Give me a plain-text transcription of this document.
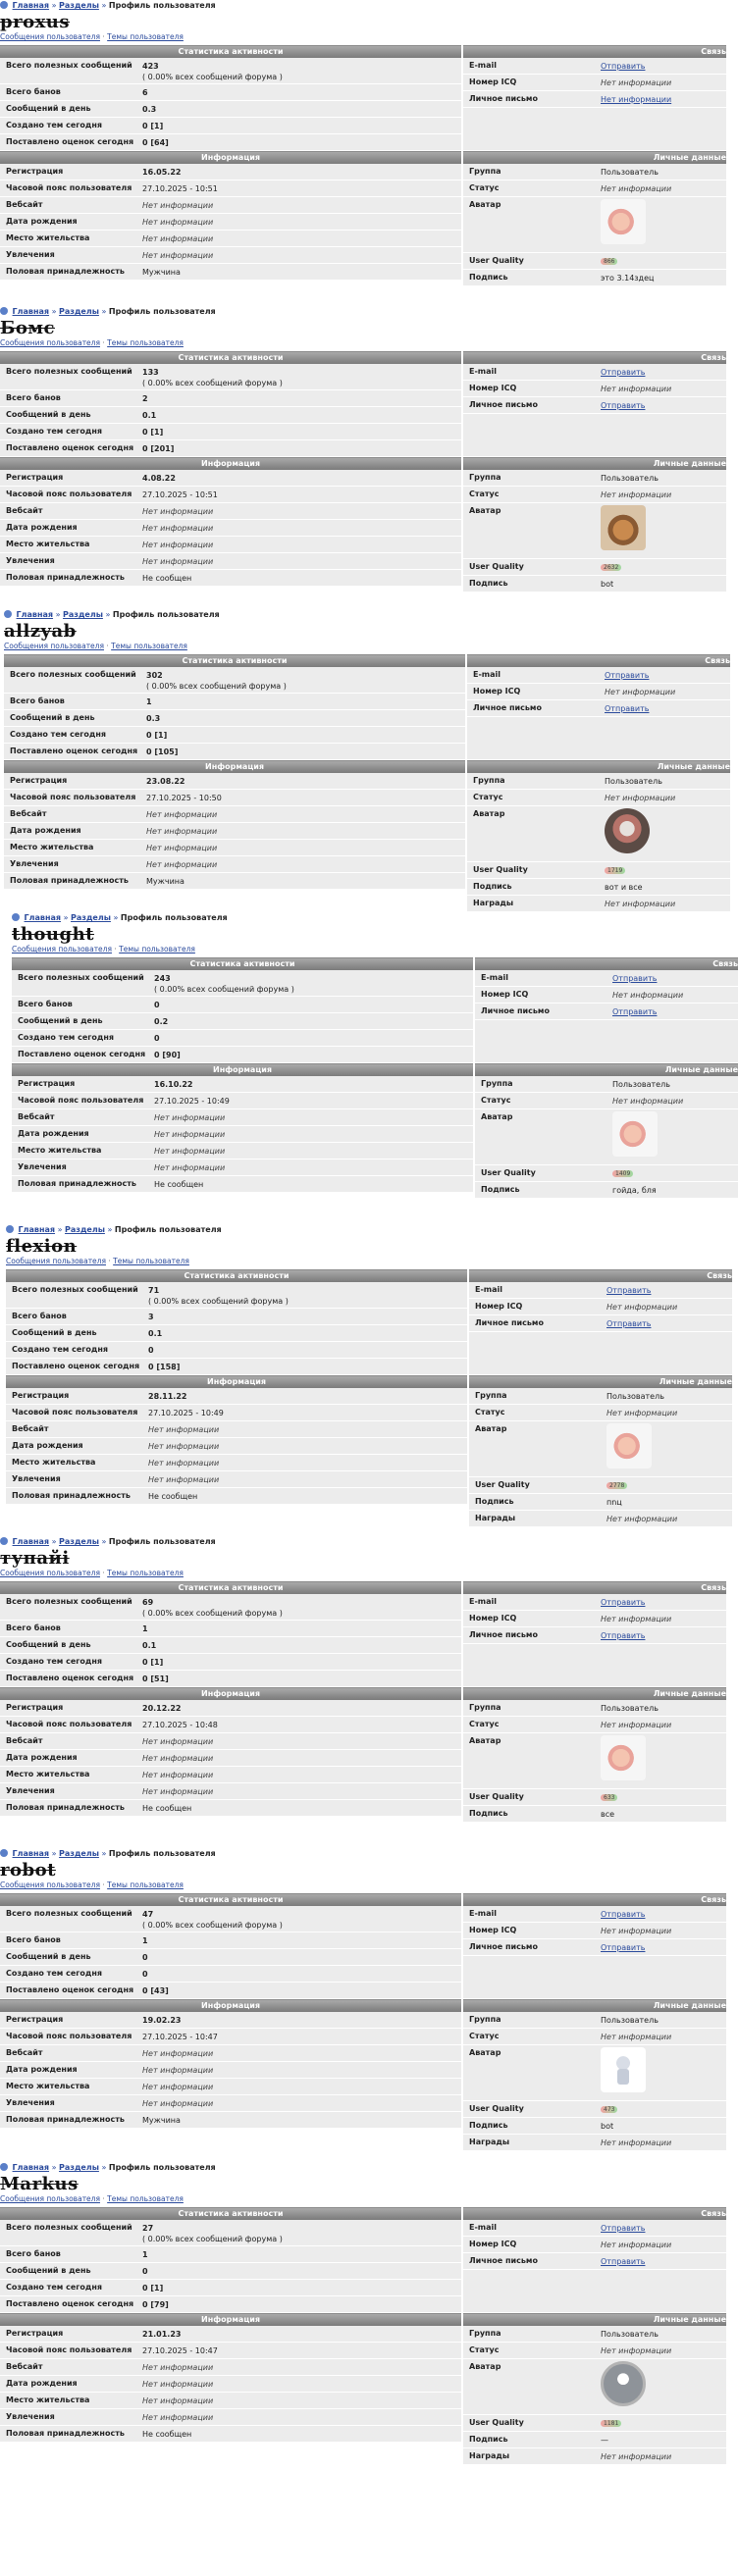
Главная » Разделы » Профиль пользователя
proxus
Сообщения пользователя · Темы пользователя
Статистика активности	Связь
Всего полезных сообщений 423
( 0.00% всех сообщений форума )
Всего банов	6
Сообщений в день	0.3
Создано тем сегодня	0 [1]
Поставлено оценок сегодня 0 [64]
E-mail	Отправить
Номер ICQ	Нет информации
Личное письмо	Нет информации
Информация	Личные данные
Регистрация	16.05.22
Часовой пояс пользователя 27.10.2025 - 10:51
Вебсайт	Нет информации
Дата рождения	Нет информации
Место жительства	Нет информации
Увлечения	Нет информации
Половая принадлежность Мужчина
Группа	Пользователь
Статус	Нет информации
Аватар
User Quality	866
Подпись	это 3.14здец
Главная » Разделы » Профиль пользователя
Бомс
Сообщения пользователя · Темы пользователя
Статистика активности	Связь
Всего полезных сообщений 133
( 0.00% всех сообщений форума )
Всего банов	2
Сообщений в день	0.1
Создано тем сегодня	0 [1]
Поставлено оценок сегодня 0 [201]
E-mail	Отправить
Номер ICQ	Нет информации
Личное письмо	Отправить
Информация	Личные данные
Регистрация	4.08.22
Часовой пояс пользователя 27.10.2025 - 10:51
Вебсайт	Нет информации
Дата рождения	Нет информации
Место жительства	Нет информации
Увлечения	Нет информации
Половая принадлежность Не сообщен
Группа	Пользователь
Статус	Нет информации
Аватар
User Quality	2632
Подпись	bot
Главная » Разделы » Профиль пользователя
allzyab
Сообщения пользователя · Темы пользователя
Статистика активности	Связь
Всего полезных сообщений 302
( 0.00% всех сообщений форума )
Всего банов	1
Сообщений в день	0.3
Создано тем сегодня	0 [1]
Поставлено оценок сегодня 0 [105]
E-mail	Отправить
Номер ICQ	Нет информации
Личное письмо	Отправить
Информация	Личные данные
Регистрация	23.08.22
Часовой пояс пользователя 27.10.2025 - 10:50
Вебсайт	Нет информации
Дата рождения	Нет информации
Место жительства	Нет информации
Увлечения	Нет информации
Половая принадлежность Мужчина
Группа	Пользователь
Статус	Нет информации
Аватар
User Quality	1719
Подпись	вот и все
Награды	Нет информации
Главная » Разделы » Профиль пользователя
thought
Сообщения пользователя · Темы пользователя
Статистика активности	Связь
Всего полезных сообщений 243
( 0.00% всех сообщений форума )
Всего банов	0
Сообщений в день	0.2
Создано тем сегодня	0
Поставлено оценок сегодня 0 [90]
E-mail	Отправить
Номер ICQ	Нет информации
Личное письмо	Отправить
Информация	Личные данные
Регистрация	16.10.22
Часовой пояс пользователя 27.10.2025 - 10:49
Вебсайт	Нет информации
Дата рождения	Нет информации
Место жительства	Нет информации
Увлечения	Нет информации
Половая принадлежность Не сообщен
Группа	Пользователь
Статус	Нет информации
Аватар
User Quality	1409
Подпись	гойда, бля
Главная » Разделы » Профиль пользователя
flexion
Сообщения пользователя · Темы пользователя
Статистика активности	Связь
Всего полезных сообщений 71
( 0.00% всех сообщений форума )
Всего банов	3
Сообщений в день	0.1
Создано тем сегодня	0
Поставлено оценок сегодня 0 [158]
E-mail	Отправить
Номер ICQ	Нет информации
Личное письмо	Отправить
Информация	Личные данные
Регистрация	28.11.22
Часовой пояс пользователя 27.10.2025 - 10:49
Вебсайт	Нет информации
Дата рождения	Нет информации
Место жительства	Нет информации
Увлечения	Нет информации
Половая принадлежность Не сообщен
Группа	Пользователь
Статус	Нет информации
Аватар
User Quality	2778
Подпись	пnц
Награды	Нет информации
Главная » Разделы » Профиль пользователя
тупайі
Сообщения пользователя · Темы пользователя
Статистика активности	Связь
Всего полезных сообщений 69
( 0.00% всех сообщений форума )
Всего банов	1
Сообщений в день	0.1
Создано тем сегодня	0 [1]
Поставлено оценок сегодня 0 [51]
E-mail	Отправить
Номер ICQ	Нет информации
Личное письмо	Отправить
Информация	Личные данные
Регистрация	20.12.22
Часовой пояс пользователя 27.10.2025 - 10:48
Вебсайт	Нет информации
Дата рождения	Нет информации
Место жительства	Нет информации
Увлечения	Нет информации
Половая принадлежность Не сообщен
Группа	Пользователь
Статус	Нет информации
Аватар
User Quality	633
Подпись	все
Главная » Разделы » Профиль пользователя
robot
Сообщения пользователя · Темы пользователя
Статистика активности	Связь
Всего полезных сообщений 47
( 0.00% всех сообщений форума )
Всего банов	1
Сообщений в день	0
Создано тем сегодня	0
Поставлено оценок сегодня 0 [43]
E-mail	Отправить
Номер ICQ	Нет информации
Личное письмо	Отправить
Информация	Личные данные
Регистрация	19.02.23
Часовой пояс пользователя 27.10.2025 - 10:47
Вебсайт	Нет информации
Дата рождения	Нет информации
Место жительства	Нет информации
Увлечения	Нет информации
Половая принадлежность Мужчина
Группа	Пользователь
Статус	Нет информации
Аватар
User Quality	473
Подпись	bot
Награды	Нет информации
Главная » Разделы » Профиль пользователя
Markus
Сообщения пользователя · Темы пользователя
Статистика активности	Связь
Всего полезных сообщений 27
( 0.00% всех сообщений форума )
Всего банов	1
Сообщений в день	0
Создано тем сегодня	0 [1]
Поставлено оценок сегодня 0 [79]
E-mail	Отправить
Номер ICQ	Нет информации
Личное письмо	Отправить
Информация	Личные данные
Регистрация	21.01.23
Часовой пояс пользователя 27.10.2025 - 10:47
Вебсайт	Нет информации
Дата рождения	Нет информации
Место жительства	Нет информации
Увлечения	Нет информации
Половая принадлежность Не сообщен
Группа	Пользователь
Статус	Нет информации
Аватар
User Quality	1181
Подпись	—
Награды	Нет информации
